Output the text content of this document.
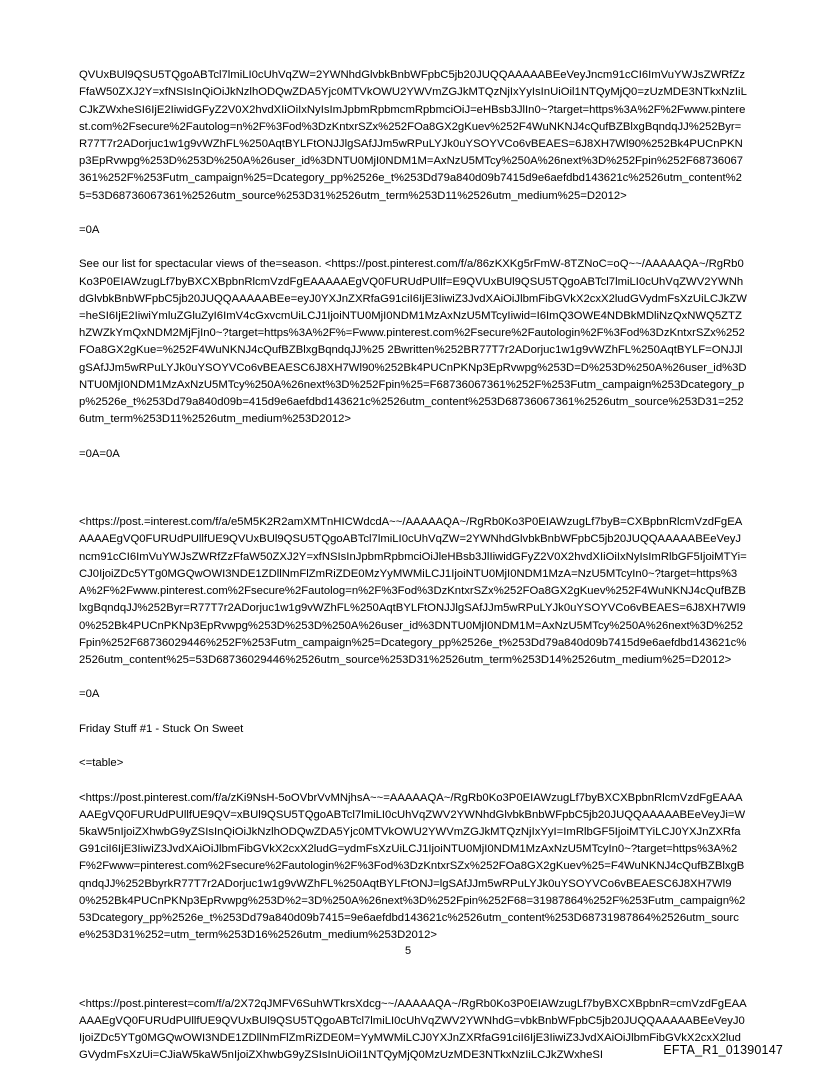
QVUxBUl9QSU5TQgoABTcl7lmiLI0cUhVqZW=2YWNhdGlvbkBnbWFpbC5jb20JUQQAAAAABEeVeyJncm91cCI6ImVuYWJsZWRfZzFfaW50ZXJ2Y=xfNSIsInQiOiJkNzlhODQwZDA5Yjc0MTVkOWU2YWVmZGJkMTQzNjIxYyIsInUiOil1NTQyMjQ0=zUzMDE3NTkxNzIiLCJkZWxheSI6IjE2IiwidGFyZ2V0X2hvdXIiOiIxNyIsImJpbmRpbmcmRpbmciOiJ=eHBsb3JlIn0~?target=https%3A%2F%2Fwww.pinterest.com%2Fsecure%2Fautolog=n%2F%3Fod%3DzKntxrSZx%252FOa8GX2gKuev%252F4WuNKNJ4cQufBZBlxgBqndqJJ%252Byr=R77T7r2ADorjuc1w1g9vWZhFL%250AqtBYLFtONJJlgSAfJJm5wRPuLYJk0uYSOYVCo6vBEAES=6J8XH7Wl90%252Bk4PUCnPKNp3EpRvwpg%253D%253D%250A%26user_id%3DNTU0MjI0NDM1M=AxNzU5MTcy%250A%26next%3D%252Fpin%252F68736067361%252F%253Futm_campaign%25=Dcategory_pp%2526e_t%253Dd79a840d09b7415d9e6aefdbd143621c%2526utm_content%25=53D68736067361%2526utm_source%253D31%2526utm_term%253D11%2526utm_medium%25=D2012>

=0A

See our list for spectacular views of the=season. <https://post.pinterest.com/f/a/86zKXKg5rFmW-8TZNoC=oQ~~/AAAAAQA~/RgRb0Ko3P0EIAWzugLf7byBXCXBpbnRlcmVzdFgEAAAAAEgVQ0FURUdPUllf=E9QVUxBUl9QSU5TQgoABTcl7lmiLI0cUhVqZWV2YWNhdGlvbkBnbWFpbC5jb20JUQQAAAAABEe=eyJ0YXJnZXRfaG91ciI6IjE3IiwiZ3JvdXAiOiJlbmFibGVkX2cxX2ludGVydmFsXzUiLCJkZW=heSI6IjE2IiwiYmluZGluZyI6ImV4cGxvcmUiLCJ1IjoiNTU0MjI0NDM1MzAxNzU5MTcyIiwid=I6ImQ3OWE4NDBkMDliNzQxNWQ5ZTZhZWZkYmQxNDM2MjFjIn0~?target=https%3A%2F%=Fwww.pinterest.com%2Fsecure%2Fautologin%2F%3Fod%3DzKntxrSZx%252FOa8GX2gKue=%252F4WuNKNJ4cQufBZBlxgBqndqJJ%25 2Bwritten%252BR77T7r2ADorjuc1w1g9vWZhFL%250AqtBYLF=ONJJlgSAfJJm5wRPuLYJk0uYSOYVCo6vBEAESC6J8XH7Wl90%252Bk4PUCnPKNp3EpRvwpg%253D=D%253D%250A%26user_id%3DNTU0MjI0NDM1MzAxNzU5MTcy%250A%26next%3D%252Fpin%25=F68736067361%252F%253Futm_campaign%253Dcategory_pp%2526e_t%253Dd79a840d09b=415d9e6aefdbd143621c%2526utm_content%253D68736067361%2526utm_source%253D31=2526utm_term%253D11%2526utm_medium%253D2012>

=0A=0A

<https://post.=interest.com/f/a/e5M5K2R2amXMTnHICWdcdA~~/AAAAAQA~/RgRb0Ko3P0EIAWzugLf7byB=CXBpbnRlcmVzdFgEAAAAAEgVQ0FURUdPUllfUE9QVUxBUl9QSU5TQgoABTcl7lmiLI0cUhVqZW=2YWNhdGlvbkBnbWFpbC5jb20JUQQAAAAABEeVeyJncm91cCI6ImVuYWJsZWRfZzFfaW50ZXJ2Y=xfNSIsInJpbmRpbmciOiJleHBsb3JlIiwidGFyZ2V0X2hvdXIiOiIxNyIsImRlbGF5IjoiMTYi=CJ0IjoiZDc5YTg0MGQwOWI3NDE1ZDllNmFlZmRiZDE0MzYyMWMiLCJ1IjoiNTU0MjI0NDM1MzA=NzU5MTcyIn0~?target=https%3A%2F%2Fwww.pinterest.com%2Fsecure%2Fautolog=n%2F%3Fod%3DzKntxrSZx%252FOa8GX2gKuev%252F4WuNKNJ4cQufBZBlxgBqndqJJ%252Byr=R77T7r2ADorjuc1w1g9vWZhFL%250AqtBYLFtONJJlgSAfJJm5wRPuLYJk0uYSOYVCo6vBEAES=6J8XH7Wl90%252Bk4PUCnPKNp3EpRvwpg%253D%253D%250A%26user_id%3DNTU0MjI0NDM1M=AxNzU5MTcy%250A%26next%3D%252Fpin%252F68736029446%252F%253Futm_campaign%25=Dcategory_pp%2526e_t%253Dd79a840d09b7415d9e6aefdbd143621c%2526utm_content%25=53D68736029446%2526utm_source%253D31%2526utm_term%253D14%2526utm_medium%25=D2012>

=0A

Friday Stuff #1 - Stuck On Sweet

<=table>

<https://post.pinterest.com/f/a/zKi9NsH-5oOVbrVvMNjhsA~~=AAAAAQA~/RgRb0Ko3P0EIAWzugLf7byBXCXBpbnRlcmVzdFgEAAAAAEgVQ0FURUdPUllfUE9QV=xBUl9QSU5TQgoABTcl7lmiLI0cUhVqZWV2YWNhdGlvbkBnbWFpbC5jb20JUQQAAAAABEeVeyJi=W5kaW5nIjoiZXhwbG9yZSIsInQiOiJkNzlhODQwZDA5Yjc0MTVkOWU2YWVmZGJkMTQzNjIxYyI=ImRlbGF5IjoiMTYiLCJ0YXJnZXRfaG91ciI6IjE3IiwiZ3JvdXAiOiJlbmFibGVkX2cxX2ludG=ydmFsXzUiLCJ1IjoiNTU0MjI0NDM1MzAxNzU5MTcyIn0~?target=https%3A%2F%2Fwww=pinterest.com%2Fsecure%2Fautologin%2F%3Fod%3DzKntxrSZx%252FOa8GX2gKuev%25=F4WuNKNJ4cQufBZBlxgBqndqJJ%252BbyrkR77T7r2ADorjuc1w1g9vWZhFL%250AqtBYLFtONJ=lgSAfJJm5wRPuLYJk0uYSOYVCo6vBEAESC6J8XH7Wl90%252Bk4PUCnPKNp3EpRvwpg%253D%2=3D%250A%26next%3D%252Fpin%252F68=31987864%252F%253Futm_campaign%253Dcategory_pp%2526e_t%253Dd79a840d09b7415=9e6aefdbd143621c%2526utm_content%253D68731987864%2526utm_source%253D31%252=utm_term%253D16%2526utm_medium%253D2012>

<https://post.pinterest=com/f/a/2X72qJMFV6SuhWTkrsXdcg~~/AAAAAQA~/RgRb0Ko3P0EIAWzugLf7byBXCXBpbnR=cmVzdFgEAAAAAEgVQ0FURUdPUllfUE9QVUxBUl9QSU5TQgoABTcl7lmiLI0cUhVqZWV2YWNhdG=vbkBnbWFpbC5jb20JUQQAAAAABEeVeyJ0IjoiZDc5YTg0MGQwOWI3NDE1ZDllNmFlZmRiZDE0M=YyMWMiLCJ0YXJnZXRfaG91ciI6IjE3IiwiZ3JvdXAiOiJlbmFibGVkX2cxX2ludGVydmFsXzUi=CJiaW5kaW5nIjoiZXhwbG9yZSIsInUiOiI1NTQyMjQ0MzUzMDE3NTkxNzIiLCJkZWxheSI

5
EFTA_R1_01390147
